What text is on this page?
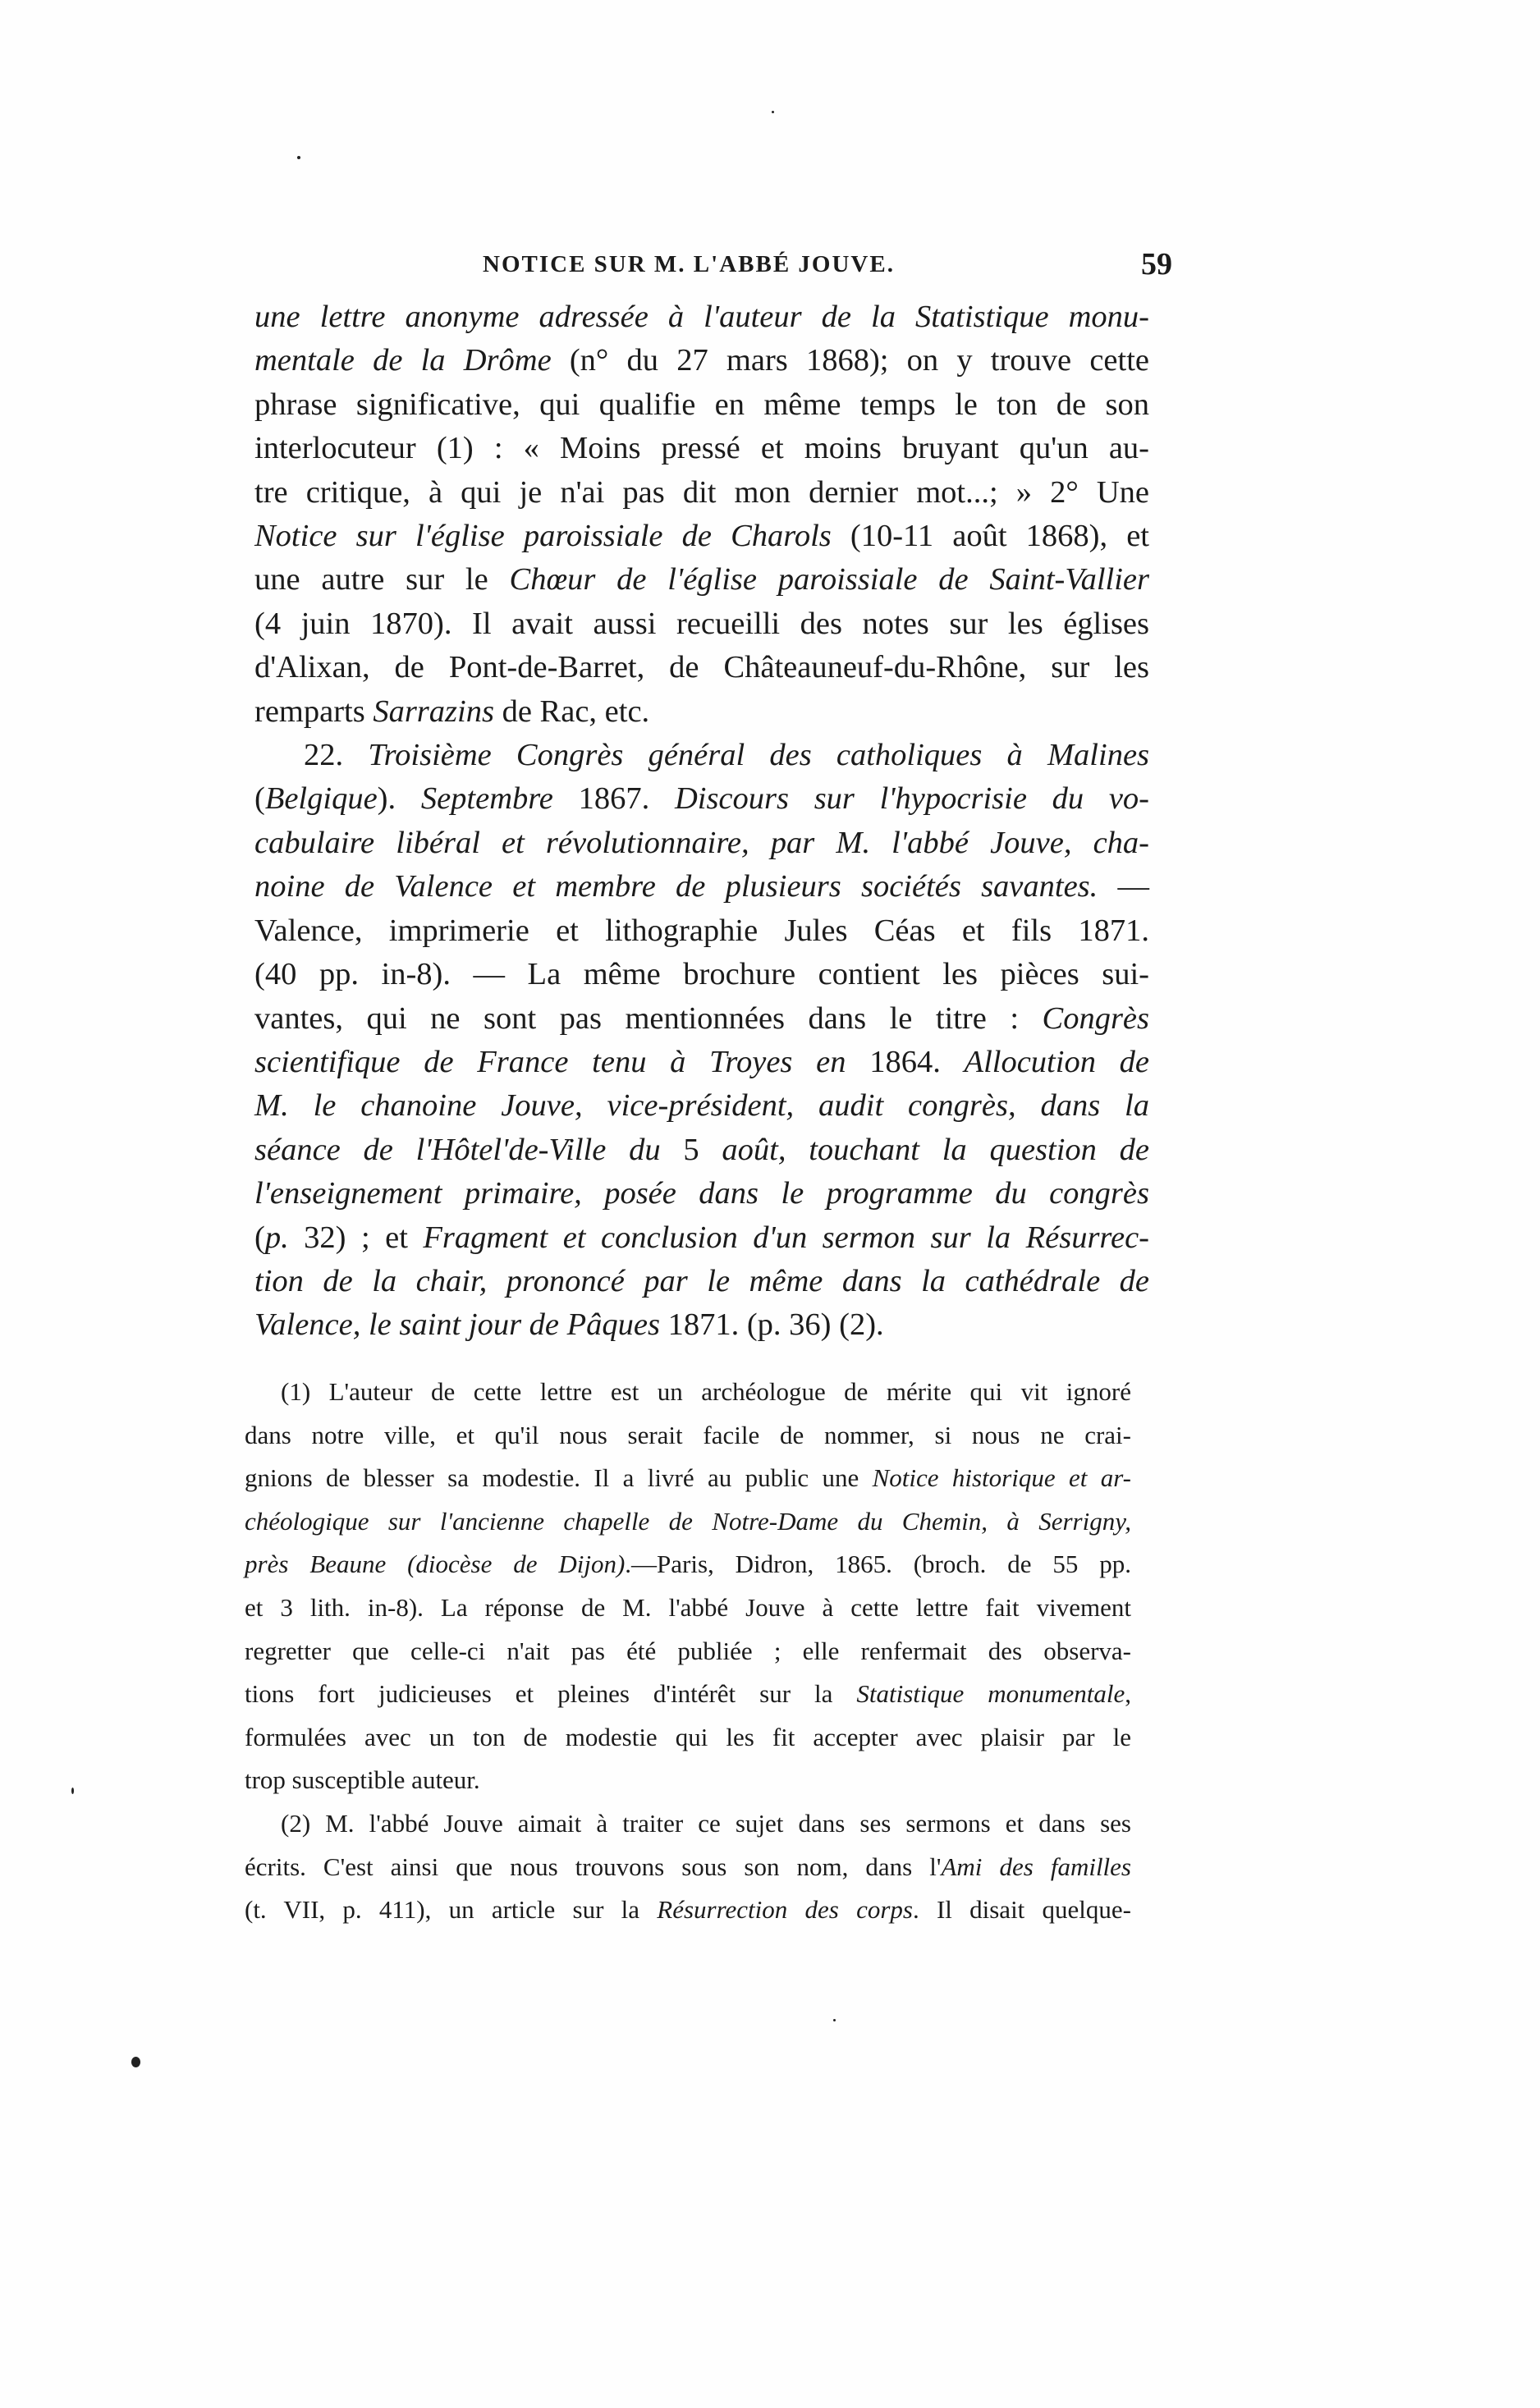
NOTICE SUR M. L'ABBÉ JOUVE.	59
une lettre anonyme adressée à l'auteur de la Statistique monu-
mentale de la Drôme (n° du 27 mars 1868); on y trouve cette
phrase significative, qui qualifie en même temps le ton de son
interlocuteur (1) : « Moins pressé et moins bruyant qu'un au-
tre critique, à qui je n'ai pas dit mon dernier mot...; » 2° Une
Notice sur l'église paroissiale de Charols (10-11 août 1868), et
une autre sur le Chœur de l'église paroissiale de Saint-Vallier
(4 juin 1870). Il avait aussi recueilli des notes sur les églises
d'Alixan, de Pont-de-Barret, de Châteauneuf-du-Rhône, sur les
remparts Sarrazins de Rac, etc.
22. Troisième Congrès général des catholiques à Malines
(Belgique). Septembre 1867. Discours sur l'hypocrisie du vo-
cabulaire libéral et révolutionnaire, par M. l'abbé Jouve, cha-
noine de Valence et membre de plusieurs sociétés savantes. —
Valence, imprimerie et lithographie Jules Céas et fils 1871.
(40 pp. in-8). — La même brochure contient les pièces sui-
vantes, qui ne sont pas mentionnées dans le titre : Congrès
scientifique de France tenu à Troyes en 1864. Allocution de
M. le chanoine Jouve, vice-président, audit congrès, dans la
séance de l'Hôtel'de-Ville du 5 août, touchant la question de
l'enseignement primaire, posée dans le programme du congrès
(p. 32) ; et Fragment et conclusion d'un sermon sur la Résurrec-
tion de la chair, prononcé par le même dans la cathédrale de
Valence, le saint jour de Pâques 1871. (p. 36) (2).
(1) L'auteur de cette lettre est un archéologue de mérite qui vit ignoré
dans notre ville, et qu'il nous serait facile de nommer, si nous ne crai-
gnions de blesser sa modestie. Il a livré au public une Notice historique et ar-
chéologique sur l'ancienne chapelle de Notre-Dame du Chemin, à Serrigny,
près Beaune (diocèse de Dijon).—Paris, Didron, 1865. (broch. de 55 pp.
et 3 lith. in-8). La réponse de M. l'abbé Jouve à cette lettre fait vivement
regretter que celle-ci n'ait pas été publiée ; elle renfermait des observa-
tions fort judicieuses et pleines d'intérêt sur la Statistique monumentale,
formulées avec un ton de modestie qui les fit accepter avec plaisir par le
trop susceptible auteur.
(2) M. l'abbé Jouve aimait à traiter ce sujet dans ses sermons et dans ses
écrits. C'est ainsi que nous trouvons sous son nom, dans l'Ami des familles
(t. VII, p. 411), un article sur la Résurrection des corps. Il disait quelque-
